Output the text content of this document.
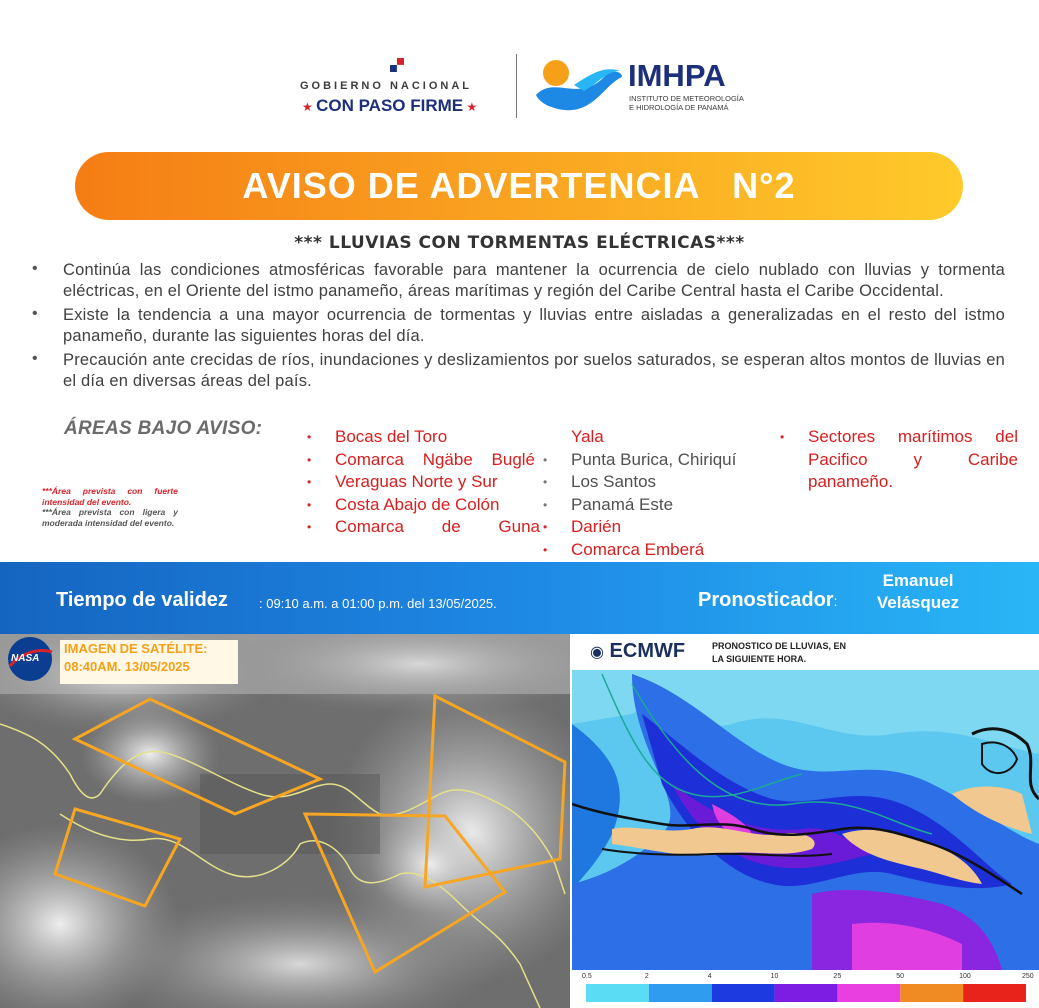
GOBIERNO NACIONAL
★ CON PASO FIRME ★
IMHPA
INSTITUTO DE METEOROLOGÍA
E HIDROLOGÍA DE PANAMÁ
AVISO DE ADVERTENCIA   N°2
*** LLUVIAS CON TORMENTAS ELÉCTRICAS***
•	Continúa las condiciones atmosféricas favorable para mantener la ocurrencia de cielo nublado con lluvias y tormenta eléctricas, en el Oriente del istmo panameño, áreas marítimas y región del Caribe Central hasta el Caribe Occidental.
•	Existe la tendencia a una mayor ocurrencia de tormentas y lluvias entre aisladas a generalizadas en el resto del istmo panameño, durante las siguientes horas del día.
•	Precaución ante crecidas de ríos, inundaciones y deslizamientos por suelos saturados, se esperan altos montos de lluvias en el día en diversas áreas del país.
ÁREAS BAJO AVISO:	•	Bocas del Toro
•	Comarca Ngäbe Buglé
•	Veraguas Norte y Sur
•	Costa Abajo de Colón
•	Comarca de Guna
Yala
•	Punta Burica, Chiriquí
•	Los Santos
•	Panamá Este
•	Darién
•	Comarca Emberá
•	Sectores marítimos del Pacifico y Caribe panameño.
***Área prevista con fuerte intensidad del evento.
***Área prevista con ligera y moderada intensidad del evento.
Tiempo de validez : 09:10 a.m. a 01:00 p.m. del 13/05/2025.	Pronosticador:
Emanuel
Velásquez
NASA
IMAGEN DE SATÉLITE:
08:40AM. 13/05/2025
◉ ECMWF	PRONOSTICO DE LLUVIAS, EN
LA SIGUIENTE HORA.
0.5	2	4	10	25	50	100	250
